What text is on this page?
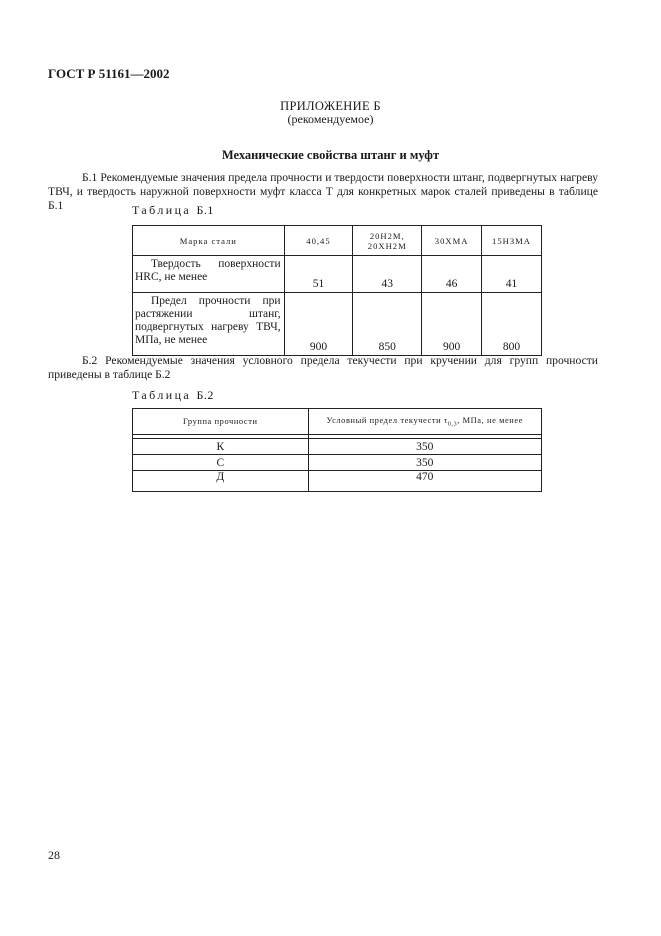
ГОСТ Р 51161—2002
ПРИЛОЖЕНИЕ Б
(рекомендуемое)
Механические свойства штанг и муфт

Б.1 Рекомендуемые значения предела прочности и твердости поверхности штанг, подвергнутых нагреву ТВЧ, и твердость наружной поверхности муфт класса Т для конкретных марок сталей приведены в таблице Б.1	Таблица Б.1
Марка стали	40,45	20Н2М, 20ХН2М	30ХМА	15НЗМА
Твердость поверхности HRC, не менее	51	43	46	41
Предел прочности при растяжении штанг, подвергнутых нагреву ТВЧ, МПа, не менее	900	850	900	800

Б.2 Рекомендуемые значения условного предела текучести при кручении для групп прочности приведены в таблице Б.2

Таблица Б.2
Группа прочности	Условный предел текучести $\tau_{0,3}$, МПа, не менее

К	350
С	350
Д	470
28
